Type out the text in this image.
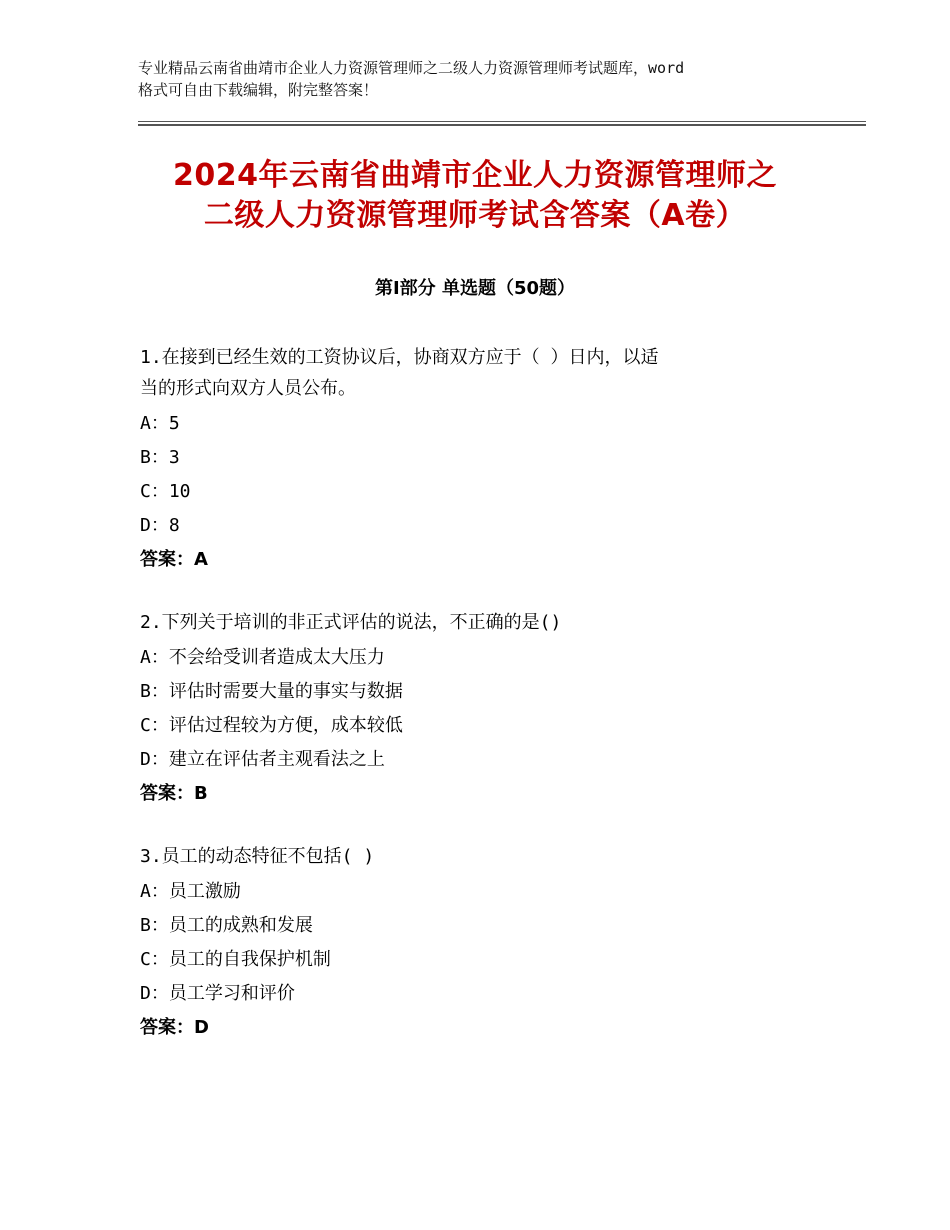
专业精品云南省曲靖市企业人力资源管理师之二级人力资源管理师考试题库，word
格式可自由下载编辑，附完整答案！
2024年云南省曲靖市企业人力资源管理师之
二级人力资源管理师考试含答案（A卷）
第Ⅰ部分 单选题（50题）
1.在接到已经生效的工资协议后，协商双方应于（ ）日内，以适
当的形式向双方人员公布。
A：5
B：3
C：10
D：8
答案：A
2.下列关于培训的非正式评估的说法，不正确的是()
A：不会给受训者造成太大压力
B：评估时需要大量的事实与数据
C：评估过程较为方便，成本较低
D：建立在评估者主观看法之上
答案：B
3.员工的动态特征不包括( )
A：员工激励
B：员工的成熟和发展
C：员工的自我保护机制
D：员工学习和评价
答案：D
